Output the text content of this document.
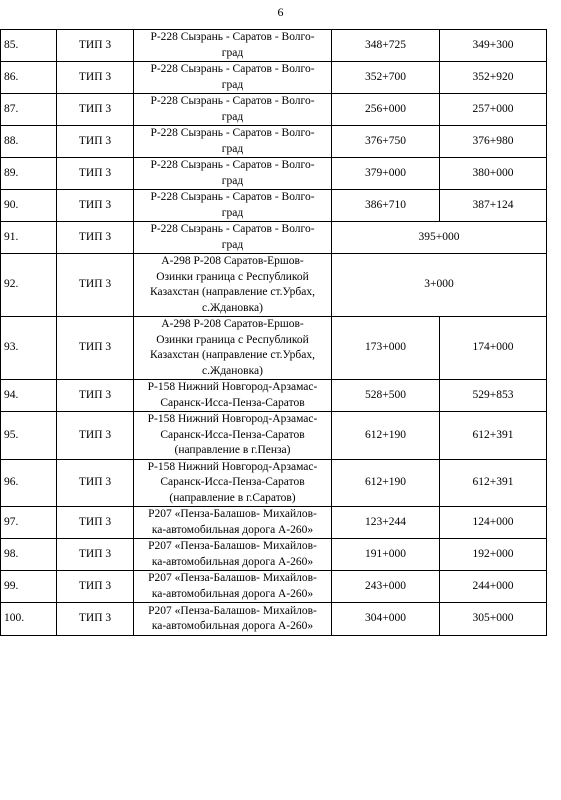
6
85.	ТИП 3	Р-228 Сызрань - Саратов - Волго-
град	348+725	349+300
86.	ТИП 3	Р-228 Сызрань - Саратов - Волго-
град	352+700	352+920
87.	ТИП 3	Р-228 Сызрань - Саратов - Волго-
град	256+000	257+000
88.	ТИП 3	Р-228 Сызрань - Саратов - Волго-
град	376+750	376+980
89.	ТИП 3	Р-228 Сызрань - Саратов - Волго-
град	379+000	380+000
90.	ТИП 3	Р-228 Сызрань - Саратов - Волго-
град	386+710	387+124
91.	ТИП 3	Р-228 Сызрань - Саратов - Волго-
град	395+000	
92.	ТИП 3	А-298 Р-208 Саратов-Ершов-
Озинки граница с Республикой
Казахстан (направление ст.Урбах,
с.Ждановка)	3+000	
93.	ТИП 3	А-298 Р-208 Саратов-Ершов-
Озинки граница с Республикой
Казахстан (направление ст.Урбах,
с.Ждановка)	173+000	174+000
94.	ТИП 3	Р-158 Нижний Новгород-Арзамас-
Саранск-Исса-Пенза-Саратов	528+500	529+853
95.	ТИП 3	Р-158 Нижний Новгород-Арзамас-
Саранск-Исса-Пенза-Саратов
(направление в г.Пенза)	612+190	612+391
96.	ТИП 3	Р-158 Нижний Новгород-Арзамас-
Саранск-Исса-Пенза-Саратов
(направление в г.Саратов)	612+190	612+391
97.	ТИП 3	Р207 «Пенза-Балашов- Михайлов-
ка-автомобильная дорога А-260»	123+244	124+000
98.	ТИП 3	Р207 «Пенза-Балашов- Михайлов-
ка-автомобильная дорога А-260»	191+000	192+000
99.	ТИП 3	Р207 «Пенза-Балашов- Михайлов-
ка-автомобильная дорога А-260»	243+000	244+000
100.	ТИП 3	Р207 «Пенза-Балашов- Михайлов-
ка-автомобильная дорога А-260»	304+000	305+000
